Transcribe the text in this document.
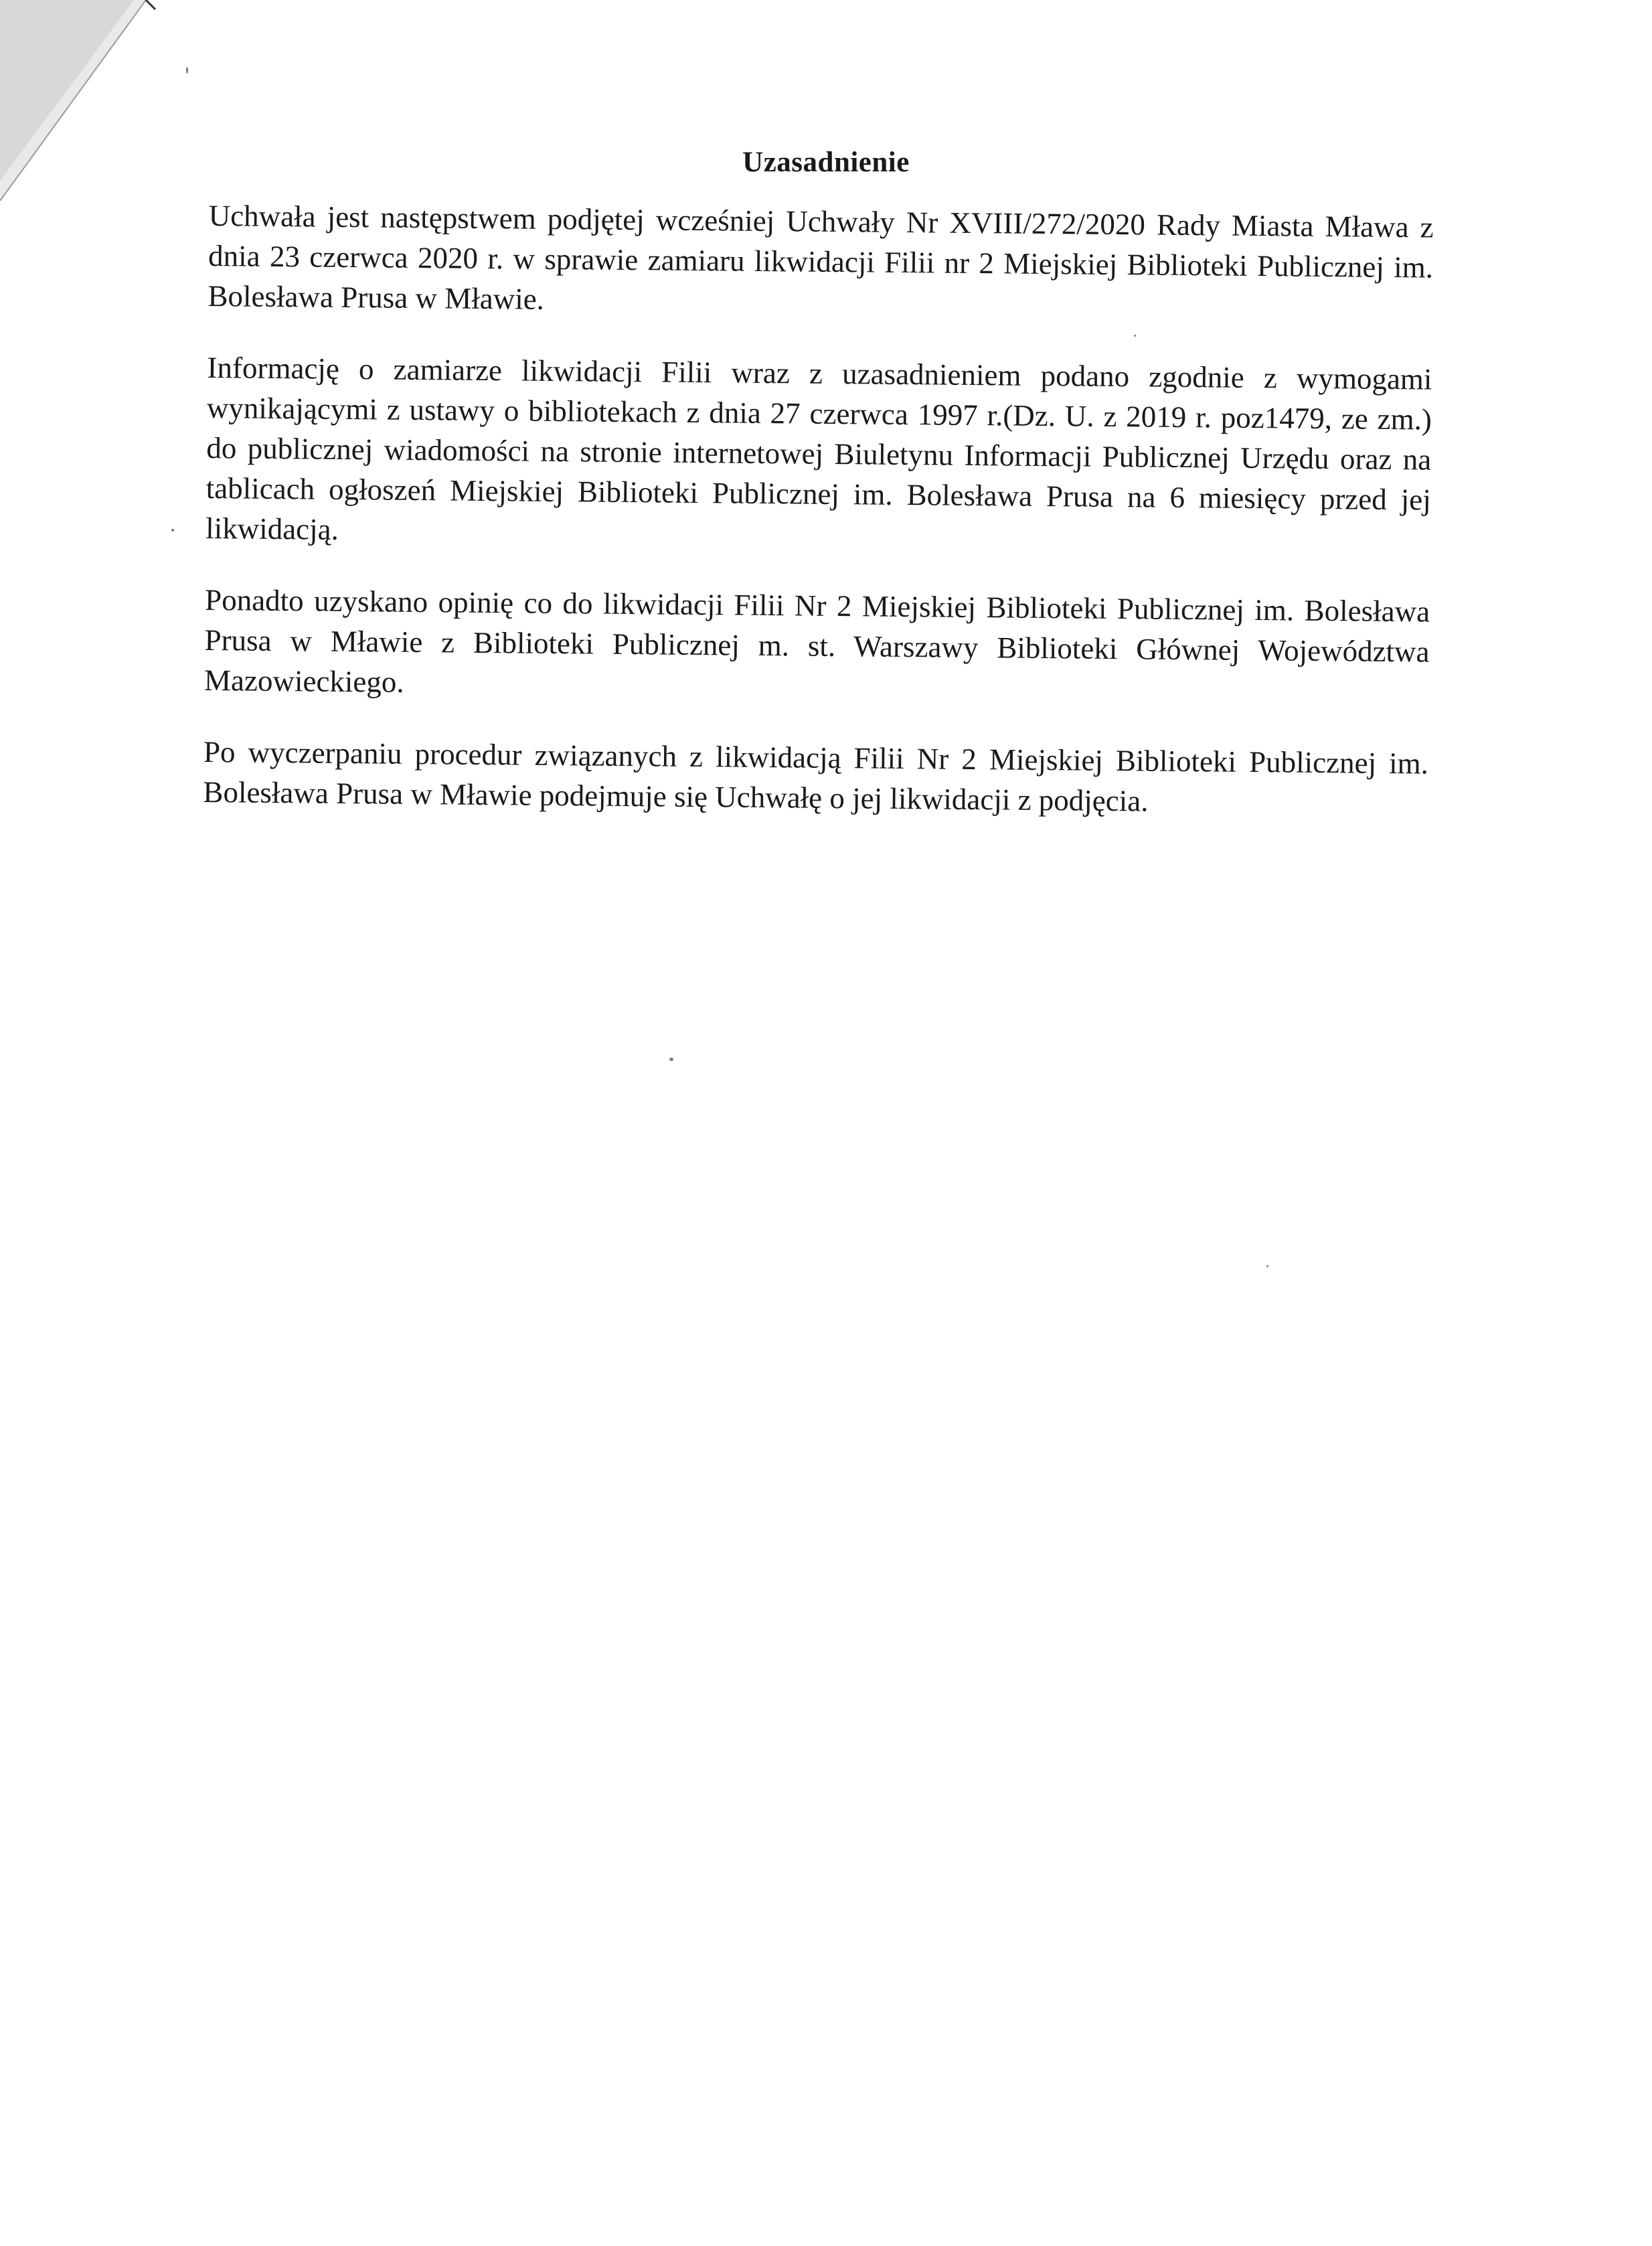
Uzasadnienie

Uchwała jest następstwem podjętej wcześniej Uchwały Nr XVIII/272/2020 Rady Miasta Mława z dnia 23 czerwca 2020 r. w sprawie zamiaru likwidacji Filii nr 2 Miejskiej Biblioteki Publicznej im. Bolesława Prusa w Mławie.

Informację o zamiarze likwidacji Filii wraz z uzasadnieniem podano zgodnie z wymogami wynikającymi z ustawy o bibliotekach z dnia 27 czerwca 1997 r.(Dz. U. z 2019 r. poz1479, ze zm.) do publicznej wiadomości na stronie internetowej Biuletynu Informacji Publicznej Urzędu oraz na tablicach ogłoszeń Miejskiej Biblioteki Publicznej im. Bolesława Prusa na 6 miesięcy przed jej likwidacją.

Ponadto uzyskano opinię co do likwidacji Filii Nr 2 Miejskiej Biblioteki Publicznej im. Bolesława Prusa w Mławie z Biblioteki Publicznej m. st. Warszawy Biblioteki Głównej Województwa Mazowieckiego.

Po wyczerpaniu procedur związanych z likwidacją Filii Nr 2 Miejskiej Biblioteki Publicznej im. Bolesława Prusa w Mławie podejmuje się Uchwałę o jej likwidacji z podjęcia.
